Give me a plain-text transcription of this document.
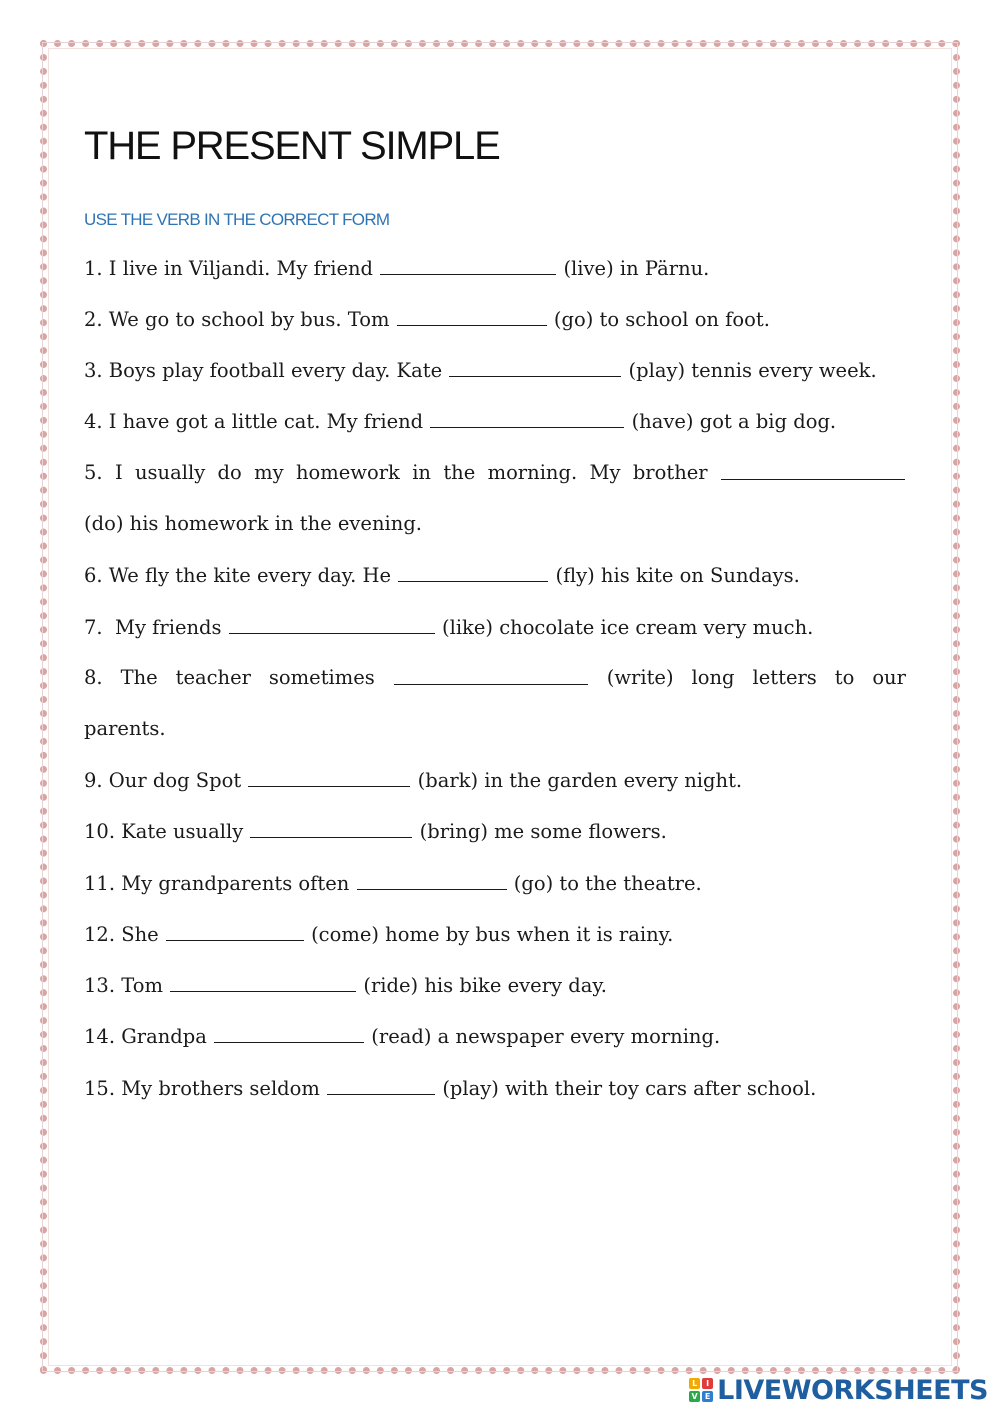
THE PRESENT SIMPLE
USE THE VERB IN THE CORRECT FORM
1. I live in Viljandi. My friend	(live) in Pärnu.
2. We go to school by bus. Tom	(go) to school on foot.
3. Boys play football every day. Kate	(play) tennis every week.
4. I have got a little cat. My friend	(have) got a big dog.
5. I usually do my homework in the morning. My brother
(do) his homework in the evening.
6. We fly the kite every day. He	(fly) his kite on Sundays.
7.  My friends	(like) chocolate ice cream very much.
8. The teacher sometimes	(write) long letters to our
parents.
9. Our dog Spot	(bark) in the garden every night.
10. Kate usually	(bring) me some flowers.
11. My grandparents often	(go) to the theatre.
12. She	(come) home by bus when it is rainy.
13. Tom	(ride) his bike every day.
14. Grandpa	(read) a newspaper every morning.
15. My brothers seldom	(play) with their toy cars after school.
L	I
V E LIVEWORKSHEETS
